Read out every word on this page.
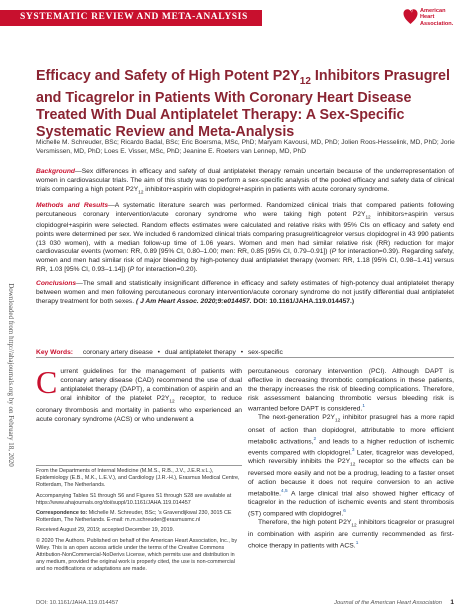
SYSTEMATIC REVIEW AND META-ANALYSIS
American
Heart
Association.
Downloaded from http://ahajournals.org by on February 18, 2020
Efficacy and Safety of High Potent $P2Y_{12}$ Inhibitors Prasugrel and Ticagrelor in Patients With Coronary Heart Disease Treated With Dual Antiplatelet Therapy: A Sex-Specific Systematic Review and Meta-Analysis
Michelle M. Schreuder, BSc; Ricardo Badal, BSc; Eric Boersma, MSc, PhD; Maryam Kavousi, MD, PhD; Jolien Roos-Hesselink, MD, PhD; Jorie Versmissen, MD, PhD; Loes E. Visser, MSc, PhD; Jeanine E. Roeters van Lennep, MD, PhD

Background—Sex differences in efficacy and safety of dual antiplatelet therapy remain uncertain because of the underrepresentation of women in cardiovascular trials. The aim of this study was to perform a sex-specific analysis of the pooled efficacy and safety data of clinical trials comparing a high potent $P2Y_{12}$ inhibitor+aspirin with clopidogrel+aspirin in patients with acute coronary syndrome.

Methods and Results—A systematic literature search was performed. Randomized clinical trials that compared patients following percutaneous coronary intervention/acute coronary syndrome who were taking high potent $P2Y_{12}$ inhibitors+aspirin versus clopidogrel+aspirin were selected. Random effects estimates were calculated and relative risks with 95% CIs on efficacy and safety end points were determined per sex. We included 6 randomized clinical trials comparing prasugrel/ticagrelor versus clopidogrel in 43 990 patients (13 030 women), with a median follow-up time of 1.06 years. Women and men had similar relative risk (RR) reduction for major cardiovascular events (women: RR, 0.89 [95% CI, 0.80–1.00; men: RR, 0.85 [95% CI, 0.79–0.91]) (P for interaction=0.39). Regarding safety, women and men had similar risk of major bleeding by high-potency dual antiplatelet therapy (women: RR, 1.18 [95% CI, 0.98–1.41] versus RR, 1.03 [95% CI, 0.93–1.14]) (P for interaction=0.20).

Conclusions—The small and statistically insignificant difference in efficacy and safety estimates of high-potency dual antiplatelet therapy between women and men following percutaneous coronary intervention/acute coronary syndrome do not justify differential dual antiplatelet therapy treatment for both sexes. ( J Am Heart Assoc. 2020;9:e014457. DOI: 10.1161/JAHA.119.014457.)

Key Words: coronary artery disease • dual antiplatelet therapy • sex-specific

Current guidelines for the management of patients with coronary artery disease (CAD) recommend the use of dual antiplatelet therapy (DAPT), a combination of aspirin and an oral inhibitor of the platelet $P2Y_{12}$ receptor, to reduce coronary thrombosis and mortality in patients who experienced an acute coronary syndrome (ACS) or who underwent a

From the Departments of Internal Medicine (M.M.S., R.B., J.V., J.E.R.v.L.), Epidemiology (E.B., M.K., L.E.V.), and Cardiology (J.R.-H.), Erasmus Medical Centre, Rotterdam, The Netherlands.

Accompanying Tables S1 through S6 and Figures S1 through S28 are available at https://www.ahajournals.org/doi/suppl/10.1161/JAHA.119.014457

Correspondence to: Michelle M. Schreuder, BSc; 's Gravendijkwal 230, 3015 CE Rotterdam, The Netherlands. E-mail: m.m.schreuder@erasmusmc.nl

Received August 29, 2019; accepted December 19, 2019.

© 2020 The Authors. Published on behalf of the American Heart Association, Inc., by Wiley. This is an open access article under the terms of the Creative Commons Attribution-NonCommercial-NoDerivs License, which permits use and distribution in any medium, provided the original work is properly cited, the use is non-commercial and no modifications or adaptations are made.

percutaneous coronary intervention (PCI). Although DAPT is effective in decreasing thrombotic complications in these patients, the therapy increases the risk of bleeding complications. Therefore, risk assessment balancing thrombotic versus bleeding risk is warranted before DAPT is considered.$^1$

The next-generation $P2Y_{12}$ inhibitor prasugrel has a more rapid onset of action than clopidogrel, attributable to more efficient metabolic activations,$^2$ and leads to a higher reduction of ischemic events compared with clopidogrel.$^3$ Later, ticagrelor was developed, which reversibly inhibits the $P2Y_{12}$ receptor so the effects can be reversed more easily and not be a prodrug, leading to a faster onset of action because it does not require conversion to an active metabolite.$^{4,5}$ A large clinical trial also showed higher efficacy of ticagrelor in the reduction of ischemic events and stent thrombosis (ST) compared with clopidogrel.$^6$

Therefore, the high potent $P2Y_{12}$ inhibitors ticagrelor or prasugrel in combination with aspirin are currently recommended as first-choice therapy in patients with ACS.$^1$

DOI: 10.1161/JAHA.119.014457	Journal of the American Heart Association 1
